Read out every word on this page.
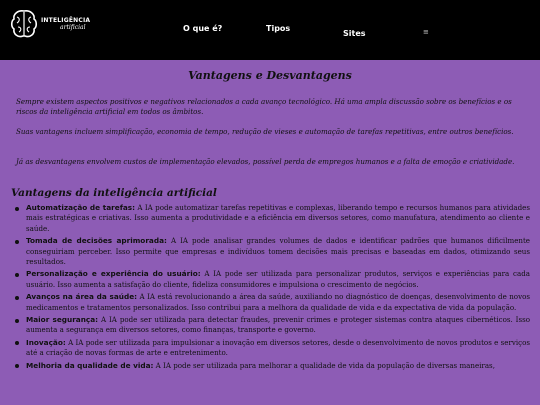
INTELIGÊNCIA
artificial	O que é?	Tipos
Sites	≡
Vantagens e Desvantagens

Sempre existem aspectos positivos e negativos relacionados a cada avanço tecnológico. Há uma ampla discussão sobre os benefícios e os riscos da inteligência artificial em todos os âmbitos.

Suas vantagens incluem simplificação, economia de tempo, redução de vieses e automação de tarefas repetitivas, entre outros benefícios.

Já as desvantagens envolvem custos de implementação elevados, possível perda de empregos humanos e a falta de emoção e criatividade.

Vantagens da inteligência artificial
Automatização de tarefas: A IA pode automatizar tarefas repetitivas e complexas, liberando tempo e recursos humanos para atividades mais estratégicas e criativas. Isso aumenta a produtividade e a eficiência em diversos setores, como manufatura, atendimento ao cliente e saúde.
Tomada de decisões aprimorada: A IA pode analisar grandes volumes de dados e identificar padrões que humanos dificilmente conseguiriam perceber. Isso permite que empresas e indivíduos tomem decisões mais precisas e baseadas em dados, otimizando seus resultados.
Personalização e experiência do usuário: A IA pode ser utilizada para personalizar produtos, serviços e experiências para cada usuário. Isso aumenta a satisfação do cliente, fideliza consumidores e impulsiona o crescimento de negócios.
Avanços na área da saúde: A IA está revolucionando a área da saúde, auxiliando no diagnóstico de doenças, desenvolvimento de novos medicamentos e tratamentos personalizados. Isso contribui para a melhora da qualidade de vida e da expectativa de vida da população.
Maior segurança: A IA pode ser utilizada para detectar fraudes, prevenir crimes e proteger sistemas contra ataques cibernéticos. Isso aumenta a segurança em diversos setores, como finanças, transporte e governo.
Inovação: A IA pode ser utilizada para impulsionar a inovação em diversos setores, desde o desenvolvimento de novos produtos e serviços até a criação de novas formas de arte e entretenimento.
Melhoria da qualidade de vida: A IA pode ser utilizada para melhorar a qualidade de vida da população de diversas maneiras,
